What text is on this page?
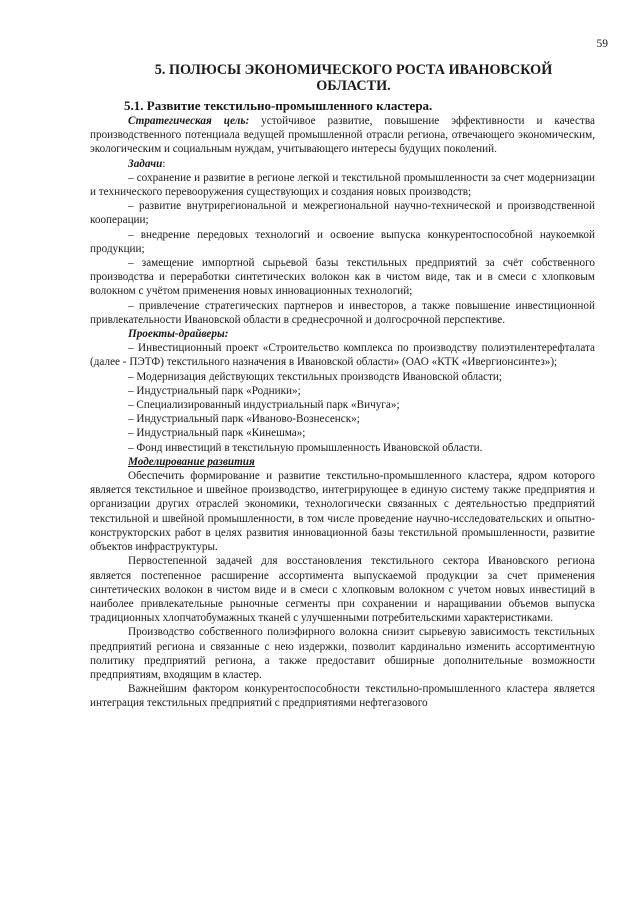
59
5. ПОЛЮСЫ ЭКОНОМИЧЕСКОГО РОСТА ИВАНОВСКОЙ
ОБЛАСТИ.
5.1. Развитие текстильно-промышленного кластера.

Стратегическая цель: устойчивое развитие, повышение эффективности и качества производственного потенциала ведущей промышленной отрасли региона, отвечающего экономическим, экологическим и социальным нуждам, учитывающего интересы будущих поколений.

Задачи:

– сохранение и развитие в регионе легкой и текстильной промышленности за счет модернизации и технического перевооружения существующих и создания новых производств;

– развитие внутрирегиональной и межрегиональной научно-технической и производственной кооперации;

– внедрение передовых технологий и освоение выпуска конкурентоспособной наукоемкой продукции;

– замещение импортной сырьевой базы текстильных предприятий за счёт собственного производства и переработки синтетических волокон как в чистом виде, так и в смеси с хлопковым волокном с учётом применения новых инновационных технологий;

– привлечение стратегических партнеров и инвесторов, а также повышение инвестиционной привлекательности Ивановской области в среднесрочной и долгосрочной перспективе.

Проекты-драйверы:

– Инвестиционный проект «Строительство комплекса по производству полиэтилентерефталата (далее - ПЭТФ) текстильного назначения в Ивановской области» (ОАО «КТК «Ивергионсинтез»);

– Модернизация действующих текстильных производств Ивановской области;

– Индустриальный парк «Родники»;

– Специализированный индустриальный парк «Вичуга»;

– Индустриальный парк «Иваново-Вознесенск»;

– Индустриальный парк «Кинешма»;

– Фонд инвестиций в текстильную промышленность Ивановской области.

Моделирование развития

Обеспечить формирование и развитие текстильно-промышленного кластера, ядром которого является текстильное и швейное производство, интегрирующее в единую систему также предприятия и организации других отраслей экономики, технологически связанных с деятельностью предприятий текстильной и швейной промышленности, в том числе проведение научно-исследовательских и опытно-конструкторских работ в целях развития инновационной базы текстильной промышленности, развитие объектов инфраструктуры.

Первостепенной задачей для восстановления текстильного сектора Ивановского региона является постепенное расширение ассортимента выпускаемой продукции за счет применения синтетических волокон в чистом виде и в смеси с хлопковым волокном с учетом новых инвестиций в наиболее привлекательные рыночные сегменты при сохранении и наращивании объемов выпуска традиционных хлопчатобумажных тканей с улучшенными потребительскими характеристиками.

Производство собственного полиэфирного волокна снизит сырьевую зависимость текстильных предприятий региона и связанные с нею издержки, позволит кардинально изменить ассортиментную политику предприятий региона, а также предоставит обширные дополнительные возможности предприятиям, входящим в кластер.

Важнейшим фактором конкурентоспособности текстильно-промышленного кластера является интеграция текстильных предприятий с предприятиями нефтегазового
